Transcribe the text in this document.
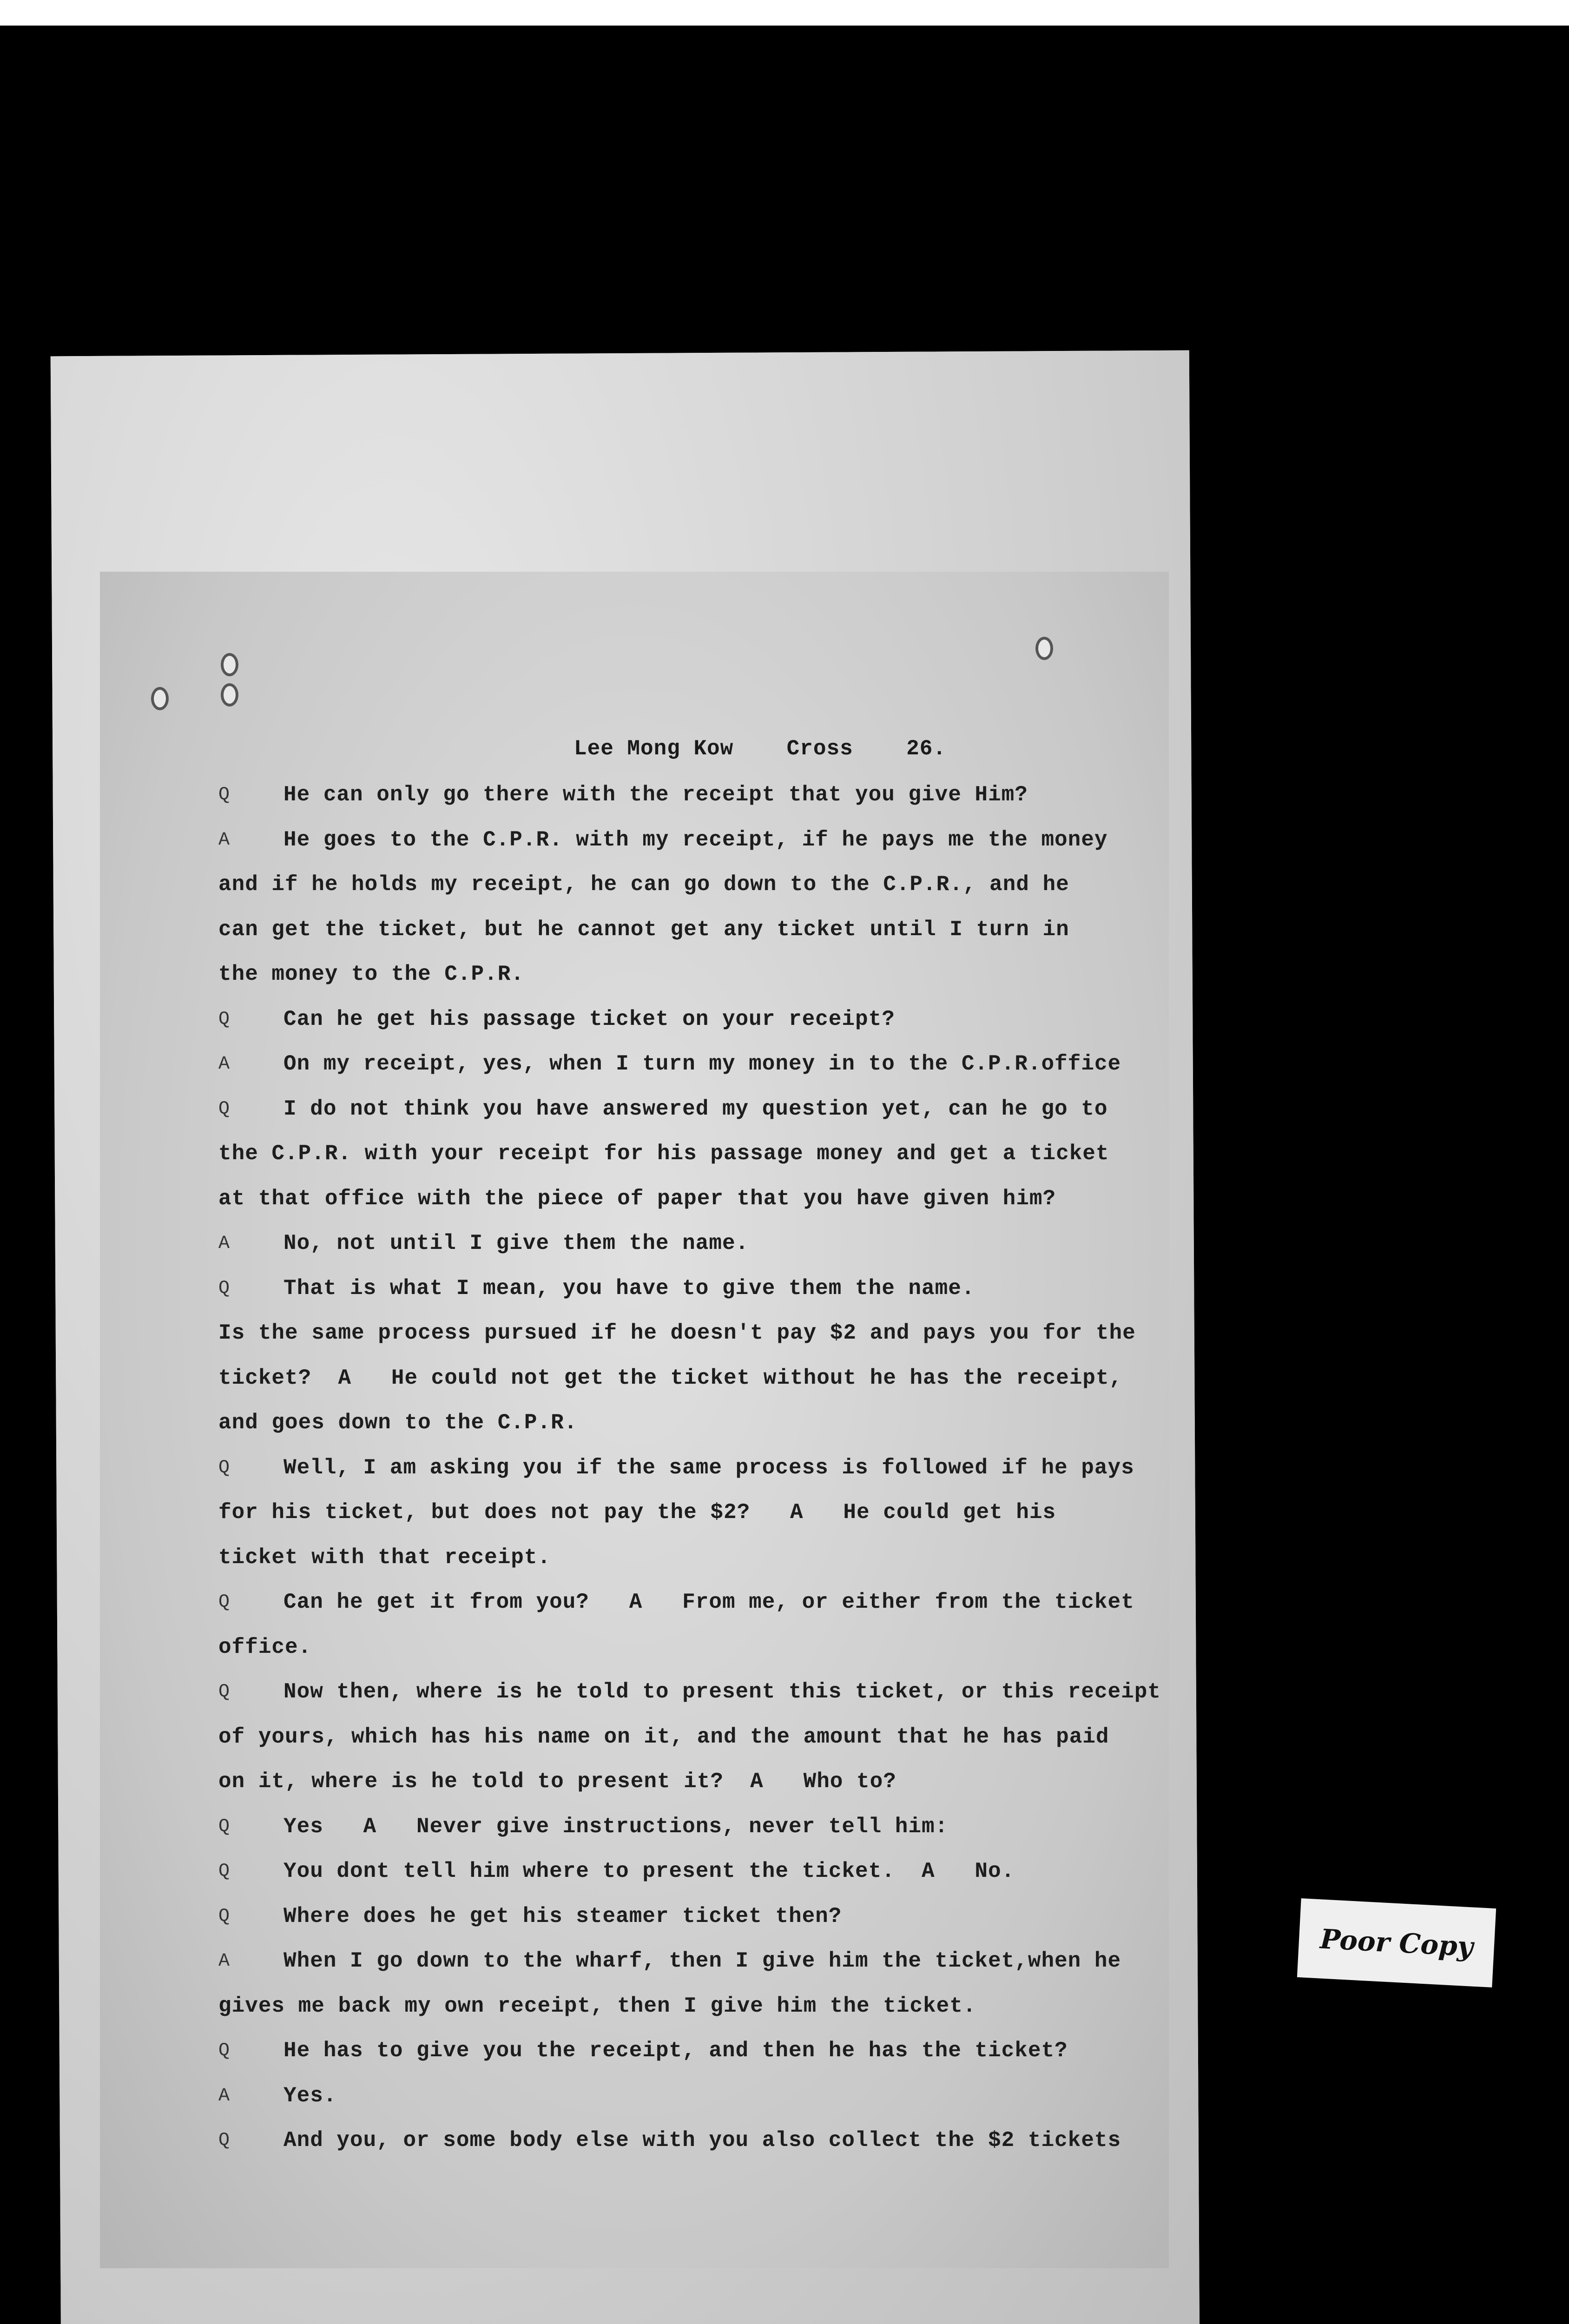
Lee Mong Kow    Cross    26.
Q	He can only go there with the receipt that you give Him?
A	He goes to the C.P.R. with my receipt, if he pays me the money
and if he holds my receipt, he can go down to the C.P.R., and he
can get the ticket, but he cannot get any ticket until I turn in
the money to the C.P.R.
Q	Can he get his passage ticket on your receipt?
A	On my receipt, yes, when I turn my money in to the C.P.R.office
Q	I do not think you have answered my question yet, can he go to
the C.P.R. with your receipt for his passage money and get a ticket
at that office with the piece of paper that you have given him?
A	No, not until I give them the name.
Q	That is what I mean, you have to give them the name.
Is the same process pursued if he doesn't pay $2 and pays you for the
ticket?  A   He could not get the ticket without he has the receipt,
and goes down to the C.P.R.
Q	Well, I am asking you if the same process is followed if he pays
for his ticket, but does not pay the $2?   A   He could get his
ticket with that receipt.
Q	Can he get it from you?   A   From me, or either from the ticket
office.
Q	Now then, where is he told to present this ticket, or this receipt
of yours, which has his name on it, and the amount that he has paid
on it, where is he told to present it?  A   Who to?
Q	Yes   A   Never give instructions, never tell him:
Q	You dont tell him where to present the ticket.  A   No.
Q	Where does he get his steamer ticket then?
A	When I go down to the wharf, then I give him the ticket,when he
gives me back my own receipt, then I give him the ticket.
Q	He has to give you the receipt, and then he has the ticket?
A	Yes.
Q	And you, or some body else with you also collect the $2 tickets
Poor Copy
